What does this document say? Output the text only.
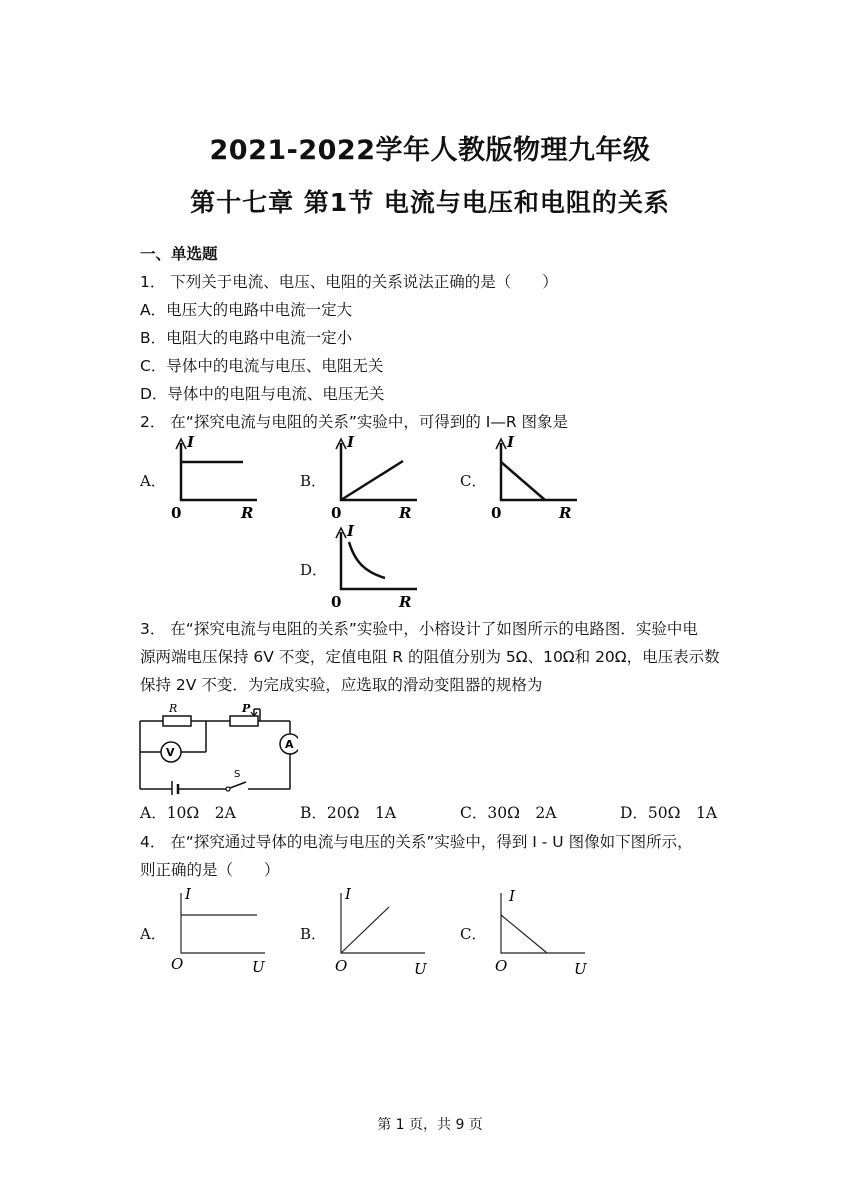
2021-2022学年人教版物理九年级
第十七章 第1节 电流与电压和电阻的关系
一、单选题
1． 下列关于电流、电压、电阻的关系说法正确的是（　　）
A．电压大的电路中电流一定大
B．电阻大的电路中电流一定小
C．导体中的电流与电压、电阻无关
D．导体中的电阻与电流、电压无关
2． 在“探究电流与电阻的关系”实验中，可得到的 I—R 图象是
A．
I
R
0
B．
I
R
0
C．
I
R
0
D．
I
R
0
3． 在“探究电流与电阻的关系”实验中，小榕设计了如图所示的电路图．实验中电
源两端电压保持 6V 不变，定值电阻 R 的阻值分别为 5Ω、10Ω和 20Ω，电压表示数
保持 2V 不变．为完成实验，应选取的滑动变阻器的规格为
R	P
A
V
S
A．10Ω　2A	B．20Ω　1A	C．30Ω　2A	D．50Ω　1A
4． 在“探究通过导体的电流与电压的关系”实验中，得到 I - U 图像如下图所示，
则正确的是（　　）
A．
I
U
O
B．
I
U
O
C．
I
U
O
第 1 页，共 9 页
